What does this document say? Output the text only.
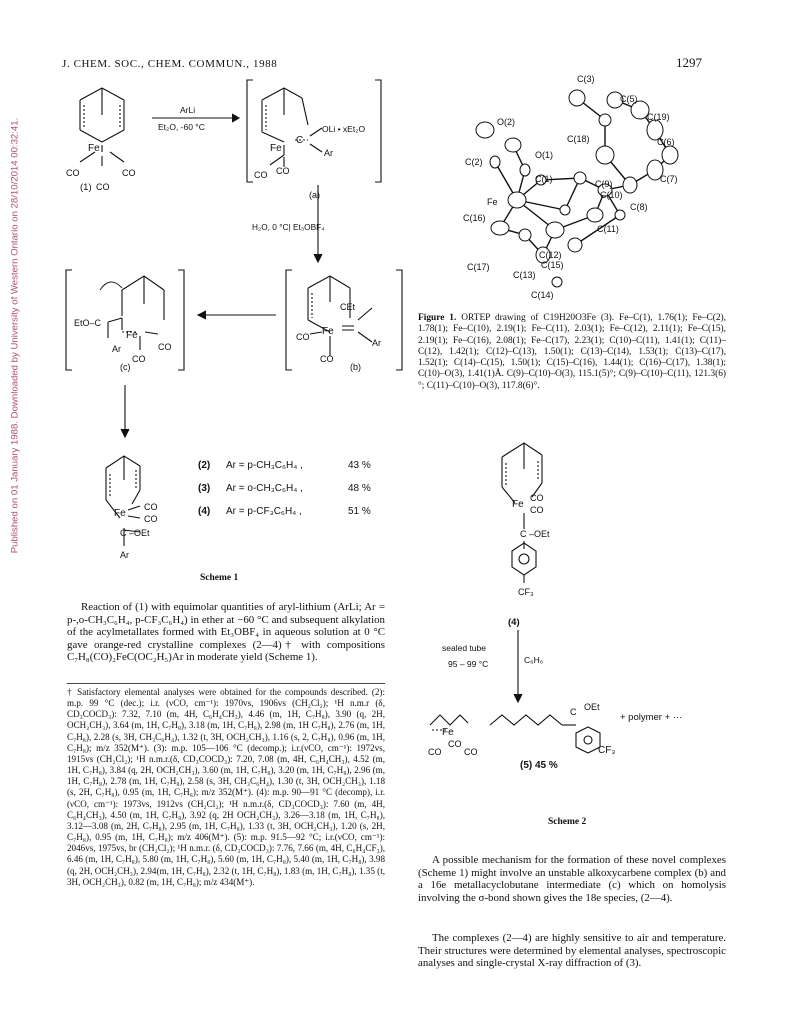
Published on 01 January 1988. Downloaded by University of Western Ontario on 28/10/2014 00:32:41.
J. CHEM. SOC., CHEM. COMMUN., 1988	1297
(1)
Fe
CO	CO
CO
ArLi
Et₂O, -60 °C
Fe
C
OLi • xEt₂O
Ar
CO CO
(a)
H₂O, 0 °C| Et₃OBF₄
Fe
CEt
Ar
CO
CO
(b)
EtO–C
Fe
CO
Ar
CO
(c)
Fe
CO
CO
C –OEt
Ar
(2) Ar = p-CH₃C₆H₄ ,	43 %
(3) Ar = o-CH₃C₆H₄ ,	48 %
(4) Ar = p-CF₃C₆H₄ ,	51 %
Scheme 1
C(3)
C(5)
O(2)	C(19)
C(18)	C(6)
O(1)
C(2)
C(1)	C(9)	C(7)
C(10)
C(8)
Fe
C(16)
C(11)
C(12)
C(15)
C(17)
C(13)
C(14)
Figure 1. ORTEP drawing of C19H20O3Fe (3). Fe–C(1), 1.76(1); Fe–C(2), 1.78(1); Fe–C(10), 2.19(1); Fe–C(11), 2.03(1); Fe–C(12), 2.11(1); Fe–C(15), 2.19(1); Fe–C(16), 2.08(1); Fe–C(17), 2.23(1); C(10)–C(11), 1.41(1); C(11)–C(12), 1.42(1); C(12)–C(13), 1.50(1); C(13)–C(14), 1.53(1); C(13)–C(17), 1.52(1); C(14)–C(15), 1.50(1); C(15)–C(16), 1.44(1); C(16)–C(17), 1.38(1); C(10)–O(3), 1.41(1)Å. C(9)–C(10)–O(3), 115.1(5)°; C(9)–C(10)–C(11), 121.3(6)°; C(11)–C(10)–O(3), 117.8(6)°.
Fe
CO
CO
C –OEt
CF₃
(4)
sealed tube
95 – 99 °C	C₆H₆
Fe
CO
CO
CO
C OEt
+ polymer + ···
CF₃
(5) 45 %
Scheme 2
Reaction of (1) with equimolar quantities of aryl-lithium (ArLi; Ar = p-,o-CH₃C₆H₄, p-CF₃C₆H₄) in ether at −60 °C and subsequent alkylation of the acylmetallates formed with Et₃OBF₄ in aqueous solution at 0 °C gave orange-red crystalline complexes (2—4)† with compositions C₇H₈(CO)₂FeC(OC₂H₅)Ar in moderate yield (Scheme 1).
† Satisfactory elemental analyses were obtained for the compounds described. (2): m.p. 99 °C (dec.); i.r. (νCO, cm⁻¹): 1970vs, 1906vs (CH₂Cl₂); ¹H n.m.r (δ, CD₃COCD₃): 7.32, 7.10 (m, 4H, C₆H₄CH₃), 4.46 (m, 1H, C₇H₈), 3.90 (q, 2H, OCH₂CH₃), 3.64 (m, 1H, C₇H₈), 3.18 (m, 1H, C₇H₈), 2.98 (m, 1H C₇H₈), 2.76 (m, 1H, C₇H₈), 2.28 (s, 3H, CH₃C₆H₄), 1.32 (t, 3H, OCH₂CH₃), 1.16 (s, 2, C₇H₈), 0.96 (m, 1H, C₇H₈); m/z 352(M⁺). (3): m.p. 105—106 °C (decomp.); i.r.(νCO, cm⁻¹): 1972vs, 1915vs (CH₂Cl₂); ¹H n.m.r.(δ, CD₃COCD₃): 7.20, 7.08 (m, 4H, C₆H₄CH₃), 4.52 (m, 1H, C₇H₈), 3.84 (q, 2H, OCH₂CH₃), 3.60 (m, 1H, C₇H₈), 3.20 (m, 1H, C₇H₈), 2.96 (m, 1H, C₇H₈), 2.78 (m, 1H, C₇H₈), 2.58 (s, 3H, CH₃C₆H₄), 1.30 (t, 3H, OCH₂CH₃), 1.18 (s, 2H, C₇H₈), 0.95 (m, 1H, C₇H₈); m/z 352(M⁺). (4): m.p. 90—91 °C (decomp), i.r.(νCO, cm⁻¹): 1973vs, 1912vs (CH₂Cl₂); ¹H n.m.r.(δ, CD₃COCD₃): 7.60 (m, 4H, C₆H₄CH₃), 4.50 (m, 1H, C₇H₈), 3.92 (q, 2H OCH₂CH₃), 3.26—3.18 (m, 1H, C₇H₈), 3.12—3.08 (m, 2H, C₇H₈), 2.95 (m, 1H, C₇H₈), 1.33 (t, 3H, OCH₂CH₃), 1.20 (s, 2H, C₇H₈), 0.95 (m, 1H, C₇H₈); m/z 406(M⁺). (5): m.p. 91.5—92 °C; i.r.(νCO, cm⁻¹): 2046vs, 1975vs, br (CH₂Cl₂); ¹H n.m.r. (δ, CD₃COCD₃): 7.76, 7.66 (m, 4H, C₆H₄CF₃), 6.46 (m, 1H, C₇H₈), 5.80 (m, 1H, C₇H₈), 5.60 (m, 1H, C₇H₈), 5.40 (m, 1H, C₇H₈), 3.98 (q, 2H, OCH₂CH₃), 2.94(m, 1H, C₇H₈), 2.32 (t, 1H, C₇H₈), 1.83 (m, 1H, C₇H₈), 1.35 (t, 3H, OCH₂CH₃), 0.82 (m, 1H, C₇H₈); m/z 434(M⁺).
A possible mechanism for the formation of these novel complexes (Scheme 1) might involve an unstable alkoxycarbene complex (b) and a 16e metallacyclobutane intermediate (c) which on homolysis involving the σ-bond shown gives the 18e species, (2—4).
The complexes (2—4) are highly sensitive to air and temperature. Their structures were determined by elemental analyses, spectroscopic analyses and single-crystal X-ray diffraction of (3).
